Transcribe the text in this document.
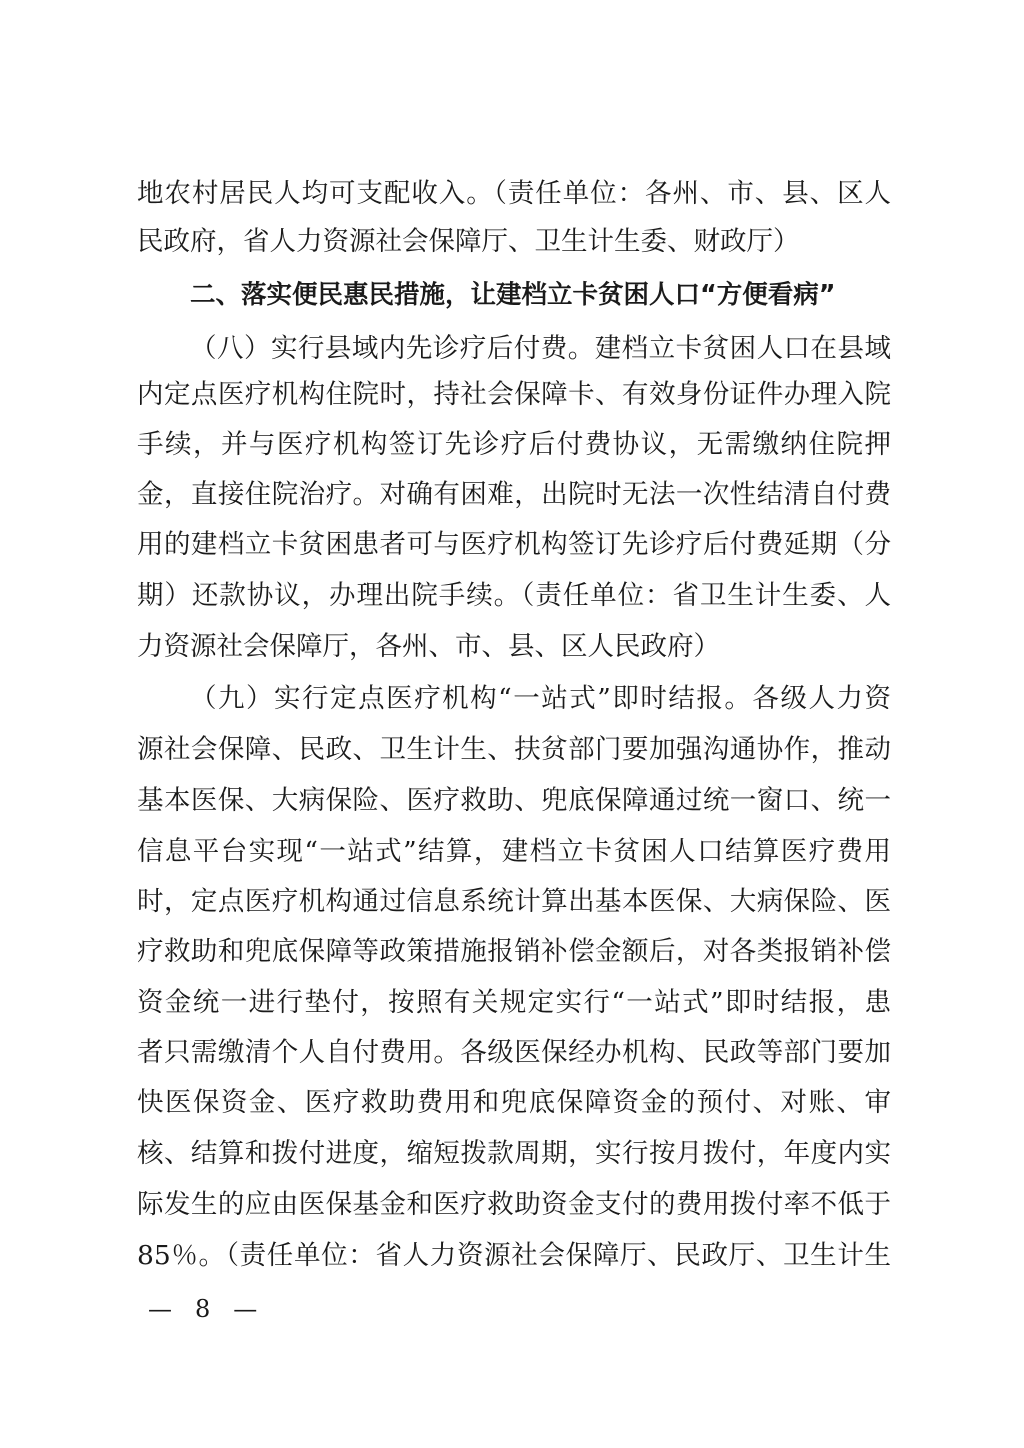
地农村居民人均可支配收入。（责任单位：各州、市、县、区人
民政府，省人力资源社会保障厅、卫生计生委、财政厅）
二、落实便民惠民措施，让建档立卡贫困人口“方便看病”
（八）实行县域内先诊疗后付费。建档立卡贫困人口在县域
内定点医疗机构住院时，持社会保障卡、有效身份证件办理入院
手续，并与医疗机构签订先诊疗后付费协议，无需缴纳住院押
金，直接住院治疗。对确有困难，出院时无法一次性结清自付费
用的建档立卡贫困患者可与医疗机构签订先诊疗后付费延期（分
期）还款协议，办理出院手续。（责任单位：省卫生计生委、人
力资源社会保障厅，各州、市、县、区人民政府）
（九）实行定点医疗机构“一站式”即时结报。各级人力资
源社会保障、民政、卫生计生、扶贫部门要加强沟通协作，推动
基本医保、大病保险、医疗救助、兜底保障通过统一窗口、统一
信息平台实现“一站式”结算，建档立卡贫困人口结算医疗费用
时，定点医疗机构通过信息系统计算出基本医保、大病保险、医
疗救助和兜底保障等政策措施报销补偿金额后，对各类报销补偿
资金统一进行垫付，按照有关规定实行“一站式”即时结报，患
者只需缴清个人自付费用。各级医保经办机构、民政等部门要加
快医保资金、医疗救助费用和兜底保障资金的预付、对账、审
核、结算和拨付进度，缩短拨款周期，实行按月拨付，年度内实
际发生的应由医保基金和医疗救助资金支付的费用拨付率不低于
85％。（责任单位：省人力资源社会保障厅、民政厅、卫生计生
— 8 —
